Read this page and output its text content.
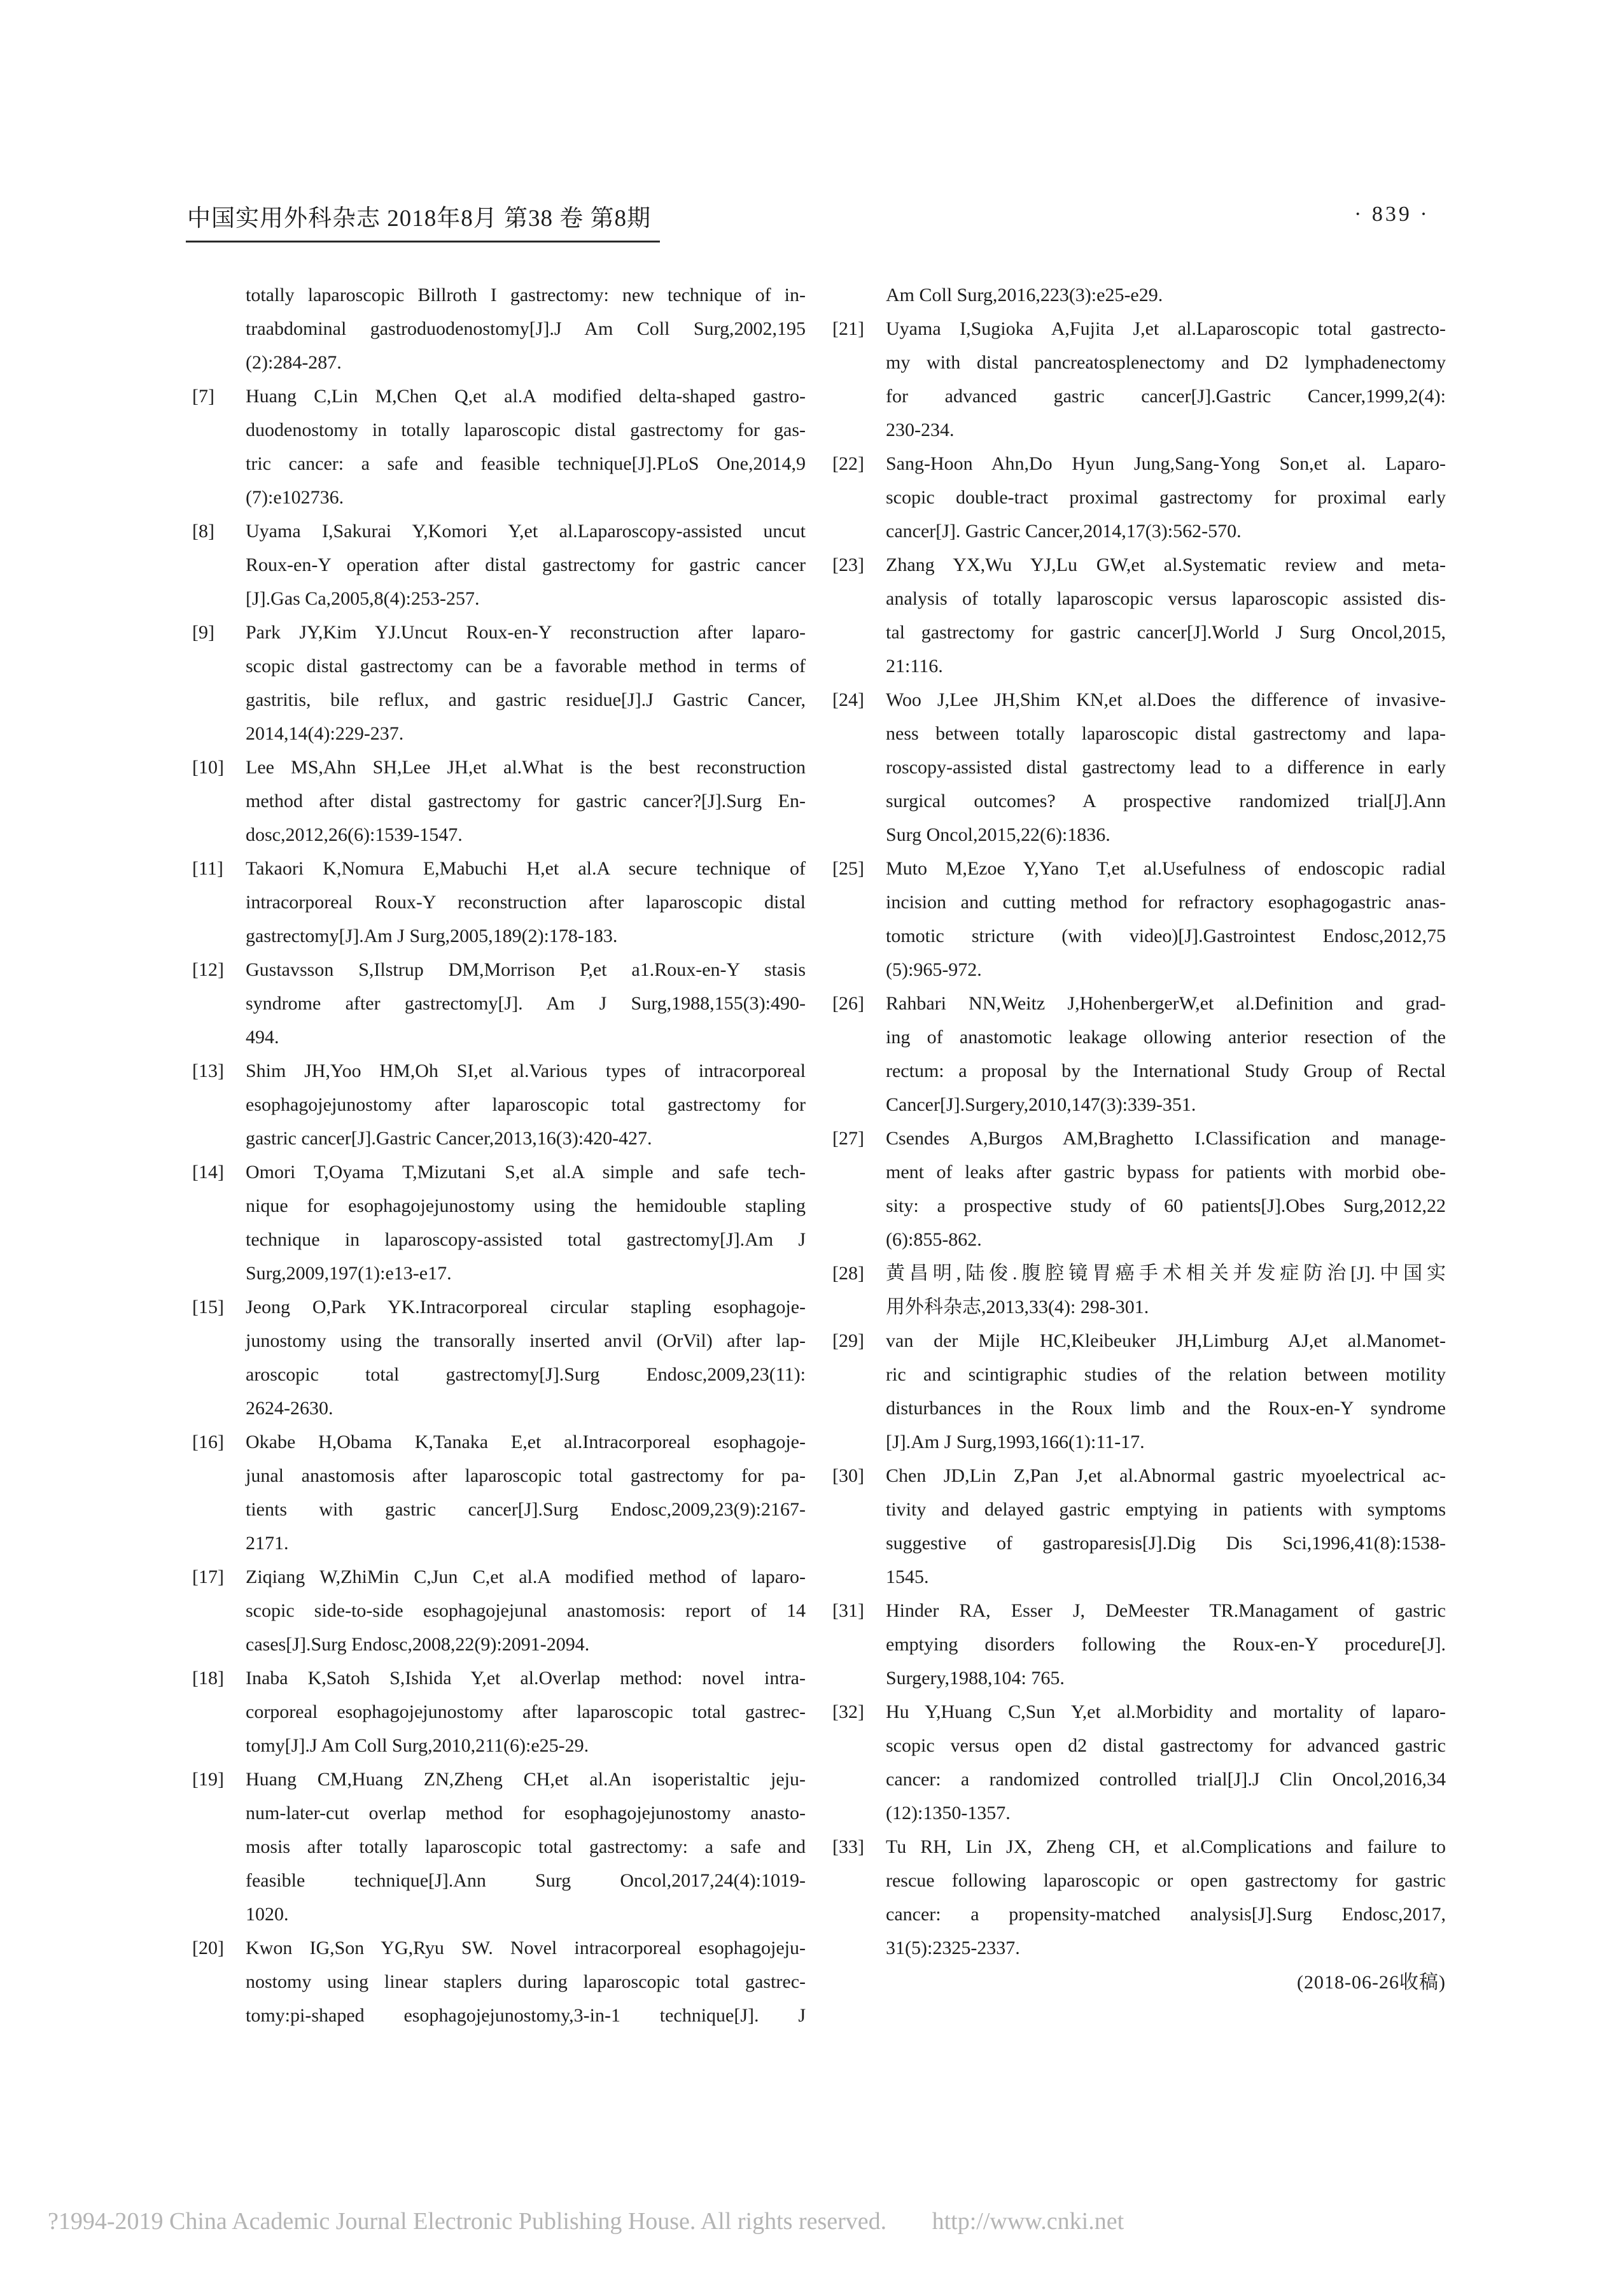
中国实用外科杂志 2018年8月 第38 卷 第8期	· 839 ·
totally laparoscopic Billroth I gastrectomy: new technique of in-
traabdominal gastroduodenostomy[J].J Am Coll Surg,2002,195
(2):284-287.
[7]	Huang C,Lin M,Chen Q,et al.A modified delta-shaped gastro-
duodenostomy in totally laparoscopic distal gastrectomy for gas-
tric cancer: a safe and feasible technique[J].PLoS One,2014,9
(7):e102736.
[8]	Uyama I,Sakurai Y,Komori Y,et al.Laparoscopy-assisted uncut
Roux-en-Y operation after distal gastrectomy for gastric cancer
[J].Gas Ca,2005,8(4):253-257.
[9]	Park JY,Kim YJ.Uncut Roux-en-Y reconstruction after laparo-
scopic distal gastrectomy can be a favorable method in terms of
gastritis, bile reflux, and gastric residue[J].J Gastric Cancer,
2014,14(4):229-237.
[10]	Lee MS,Ahn SH,Lee JH,et al.What is the best reconstruction
method after distal gastrectomy for gastric cancer?[J].Surg En-
dosc,2012,26(6):1539-1547.
[11]	Takaori K,Nomura E,Mabuchi H,et al.A secure technique of
intracorporeal Roux-Y reconstruction after laparoscopic distal
gastrectomy[J].Am J Surg,2005,189(2):178-183.
[12]	Gustavsson S,Ilstrup DM,Morrison P,et a1.Roux-en-Y stasis
syndrome after gastrectomy[J]. Am J Surg,1988,155(3):490-
494.
[13]	Shim JH,Yoo HM,Oh SI,et al.Various types of intracorporeal
esophagojejunostomy after laparoscopic total gastrectomy for
gastric cancer[J].Gastric Cancer,2013,16(3):420-427.
[14]	Omori T,Oyama T,Mizutani S,et al.A simple and safe tech-
nique for esophagojejunostomy using the hemidouble stapling
technique in laparoscopy-assisted total gastrectomy[J].Am J
Surg,2009,197(1):e13-e17.
[15]	Jeong O,Park YK.Intracorporeal circular stapling esophagoje-
junostomy using the transorally inserted anvil (OrVil) after lap-
aroscopic total gastrectomy[J].Surg Endosc,2009,23(11):
2624-2630.
[16]	Okabe H,Obama K,Tanaka E,et al.Intracorporeal esophagoje-
junal anastomosis after laparoscopic total gastrectomy for pa-
tients with gastric cancer[J].Surg Endosc,2009,23(9):2167-
2171.
[17]	Ziqiang W,ZhiMin C,Jun C,et al.A modified method of laparo-
scopic side-to-side esophagojejunal anastomosis: report of 14
cases[J].Surg Endosc,2008,22(9):2091-2094.
[18]	Inaba K,Satoh S,Ishida Y,et al.Overlap method: novel intra-
corporeal esophagojejunostomy after laparoscopic total gastrec-
tomy[J].J Am Coll Surg,2010,211(6):e25-29.
[19]	Huang CM,Huang ZN,Zheng CH,et al.An isoperistaltic jeju-
num-later-cut overlap method for esophagojejunostomy anasto-
mosis after totally laparoscopic total gastrectomy: a safe and
feasible technique[J].Ann Surg Oncol,2017,24(4):1019-
1020.
[20]	Kwon IG,Son YG,Ryu SW. Novel intracorporeal esophagojeju-
nostomy using linear staplers during laparoscopic total gastrec-
tomy:pi-shaped esophagojejunostomy,3-in-1 technique[J]. J
Am Coll Surg,2016,223(3):e25-e29.
[21]	Uyama I,Sugioka A,Fujita J,et al.Laparoscopic total gastrecto-
my with distal pancreatosplenectomy and D2 lymphadenectomy
for advanced gastric cancer[J].Gastric Cancer,1999,2(4):
230-234.
[22]	Sang-Hoon Ahn,Do Hyun Jung,Sang-Yong Son,et al. Laparo-
scopic double-tract proximal gastrectomy for proximal early
cancer[J]. Gastric Cancer,2014,17(3):562-570.
[23]	Zhang YX,Wu YJ,Lu GW,et al.Systematic review and meta-
analysis of totally laparoscopic versus laparoscopic assisted dis-
tal gastrectomy for gastric cancer[J].World J Surg Oncol,2015,
21:116.
[24]	Woo J,Lee JH,Shim KN,et al.Does the difference of invasive-
ness between totally laparoscopic distal gastrectomy and lapa-
roscopy-assisted distal gastrectomy lead to a difference in early
surgical outcomes? A prospective randomized trial[J].Ann
Surg Oncol,2015,22(6):1836.
[25]	Muto M,Ezoe Y,Yano T,et al.Usefulness of endoscopic radial
incision and cutting method for refractory esophagogastric anas-
tomotic stricture (with video)[J].Gastrointest Endosc,2012,75
(5):965-972.
[26]	Rahbari NN,Weitz J,HohenbergerW,et al.Definition and grad-
ing of anastomotic leakage ollowing anterior resection of the
rectum: a proposal by the International Study Group of Rectal
Cancer[J].Surgery,2010,147(3):339-351.
[27]	Csendes A,Burgos AM,Braghetto I.Classification and manage-
ment of leaks after gastric bypass for patients with morbid obe-
sity: a prospective study of 60 patients[J].Obes Surg,2012,22
(6):855-862.
[28]	黄昌明,陆俊.腹腔镜胃癌手术相关并发症防治[J].中国实
用外科杂志,2013,33(4): 298-301.
[29]	van der Mijle HC,Kleibeuker JH,Limburg AJ,et al.Manomet-
ric and scintigraphic studies of the relation between motility
disturbances in the Roux limb and the Roux-en-Y syndrome
[J].Am J Surg,1993,166(1):11-17.
[30]	Chen JD,Lin Z,Pan J,et al.Abnormal gastric myoelectrical ac-
tivity and delayed gastric emptying in patients with symptoms
suggestive of gastroparesis[J].Dig Dis Sci,1996,41(8):1538-
1545.
[31]	Hinder RA, Esser J, DeMeester TR.Managament of gastric
emptying disorders following the Roux-en-Y procedure[J].
Surgery,1988,104: 765.
[32]	Hu Y,Huang C,Sun Y,et al.Morbidity and mortality of laparo-
scopic versus open d2 distal gastrectomy for advanced gastric
cancer: a randomized controlled trial[J].J Clin Oncol,2016,34
(12):1350-1357.
[33]	Tu RH, Lin JX, Zheng CH, et al.Complications and failure to
rescue following laparoscopic or open gastrectomy for gastric
cancer: a propensity-matched analysis[J].Surg Endosc,2017,
31(5):2325-2337.
(2018-06-26收稿)
?1994-2019 China Academic Journal Electronic Publishing House. All rights reserved. http://www.cnki.net
